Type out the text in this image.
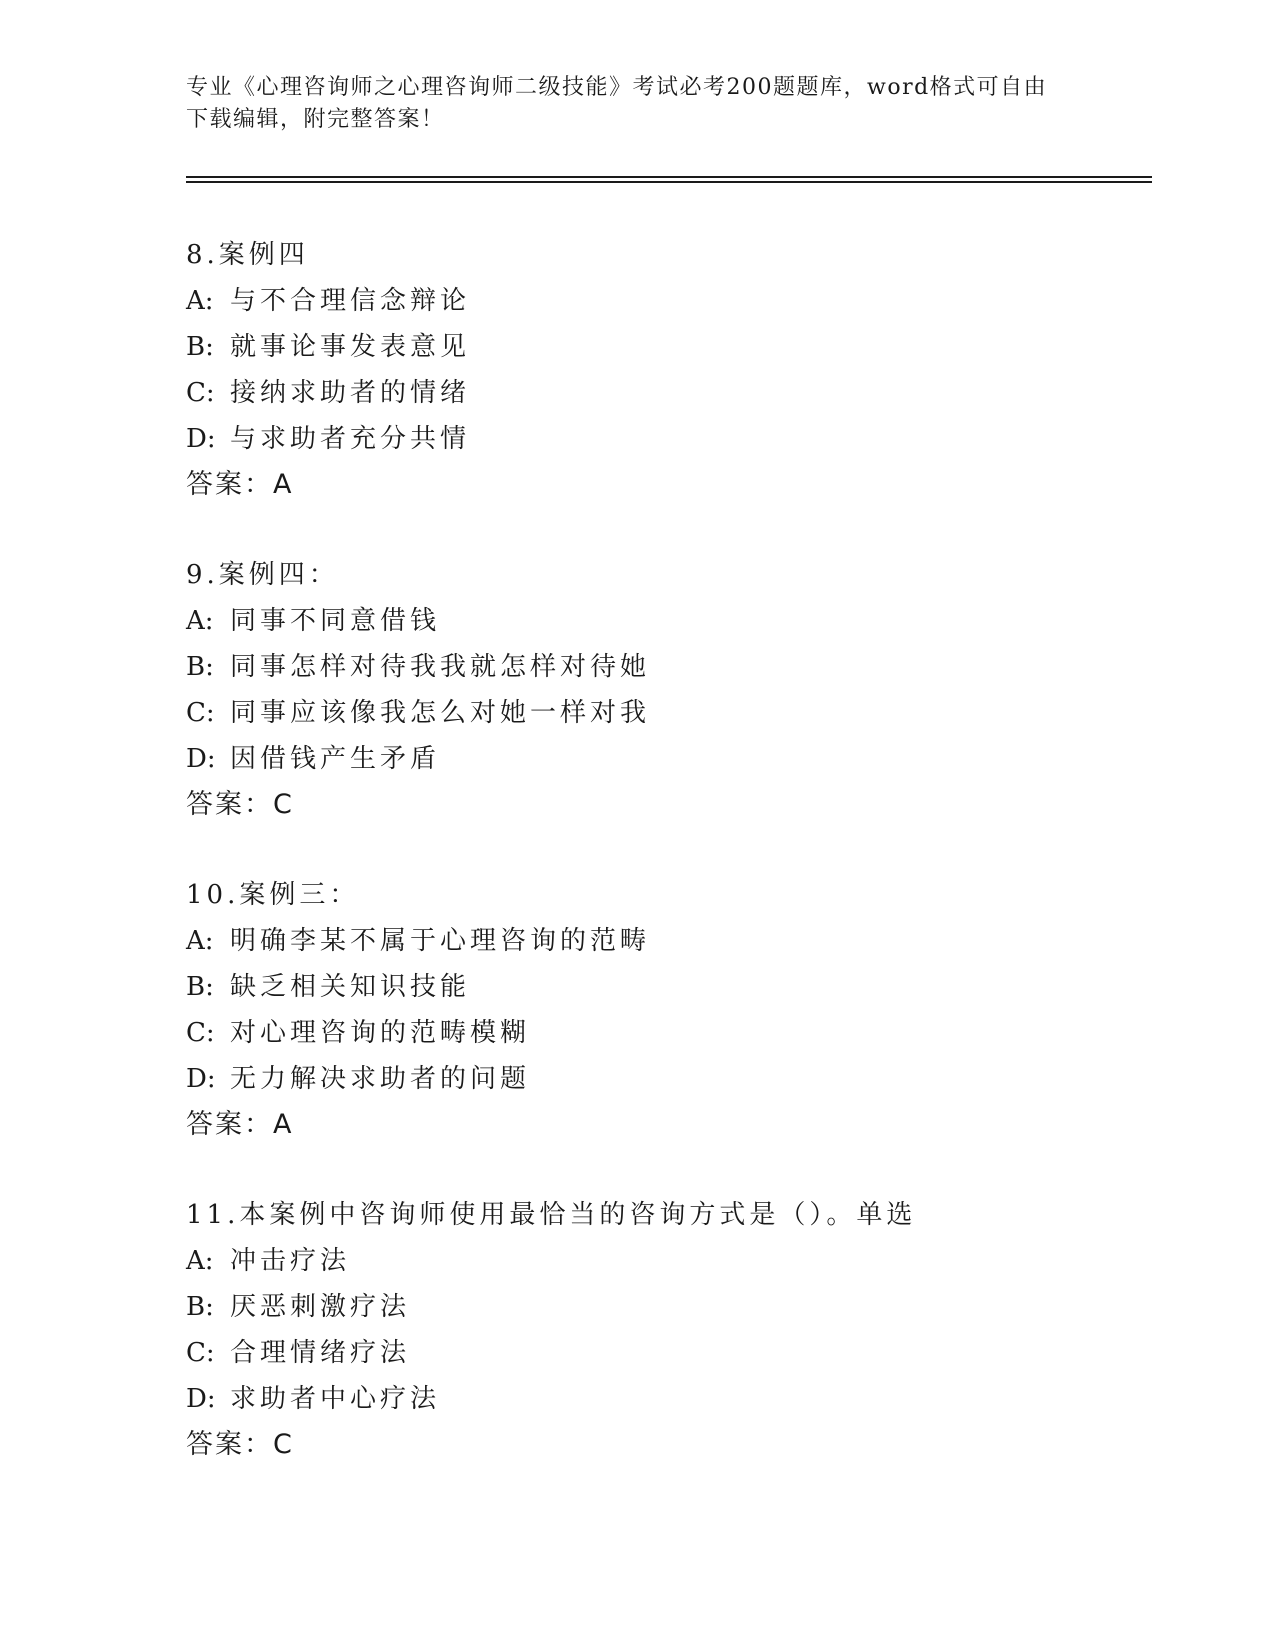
专业《心理咨询师之心理咨询师二级技能》考试必考200题题库，word格式可自由下载编辑，附完整答案！
8.案例四
A: 与不合理信念辩论
B: 就事论事发表意见
C: 接纳求助者的情绪
D: 与求助者充分共情
答案：A
9.案例四：
A: 同事不同意借钱
B: 同事怎样对待我我就怎样对待她
C: 同事应该像我怎么对她一样对我
D: 因借钱产生矛盾
答案：C
10.案例三：
A: 明确李某不属于心理咨询的范畴
B: 缺乏相关知识技能
C: 对心理咨询的范畴模糊
D: 无力解决求助者的问题
答案：A
11.本案例中咨询师使用最恰当的咨询方式是（）。单选
A: 冲击疗法
B: 厌恶刺激疗法
C: 合理情绪疗法
D: 求助者中心疗法
答案：C
